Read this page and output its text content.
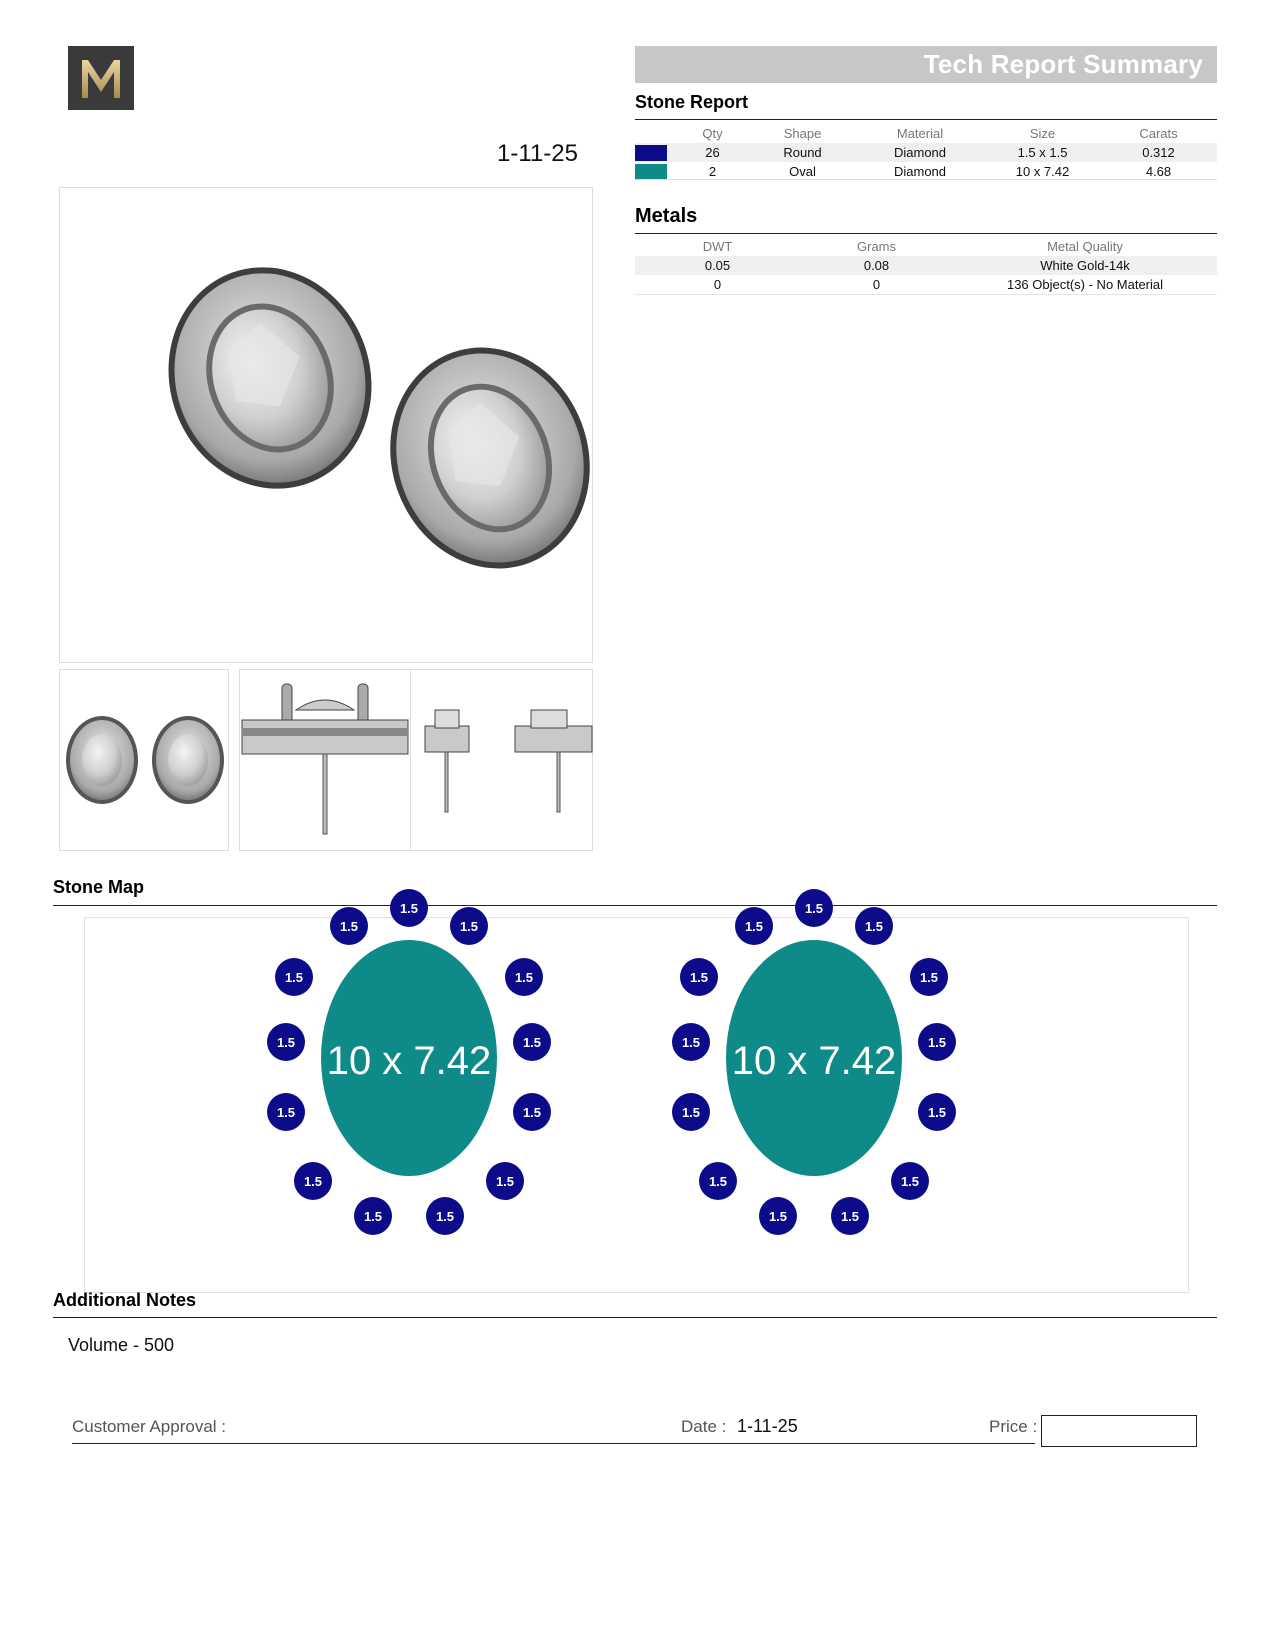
1-11-25
Tech Report Summary
Stone Report
	Qty	Shape	Material	Size	Carats
	26	Round	Diamond	1.5 x 1.5	0.312
	2	Oval	Diamond	10 x 7.42	4.68
Metals
DWT	Grams	Metal Quality
0.05	0.08	White Gold-14k
0	0	136 Object(s) - No Material
Stone Map
10 x 7.42
1.5
1.5	1.5
1.5	1.5
1.5	1.5
1.5	1.5
1.5	1.5
1.5	1.5
10 x 7.42
1.5
1.5	1.5
1.5	1.5
1.5	1.5
1.5	1.5
1.5	1.5
1.5	1.5
Additional Notes
Volume - 500
Customer Approval :	Date : 1-11-25	Price :
